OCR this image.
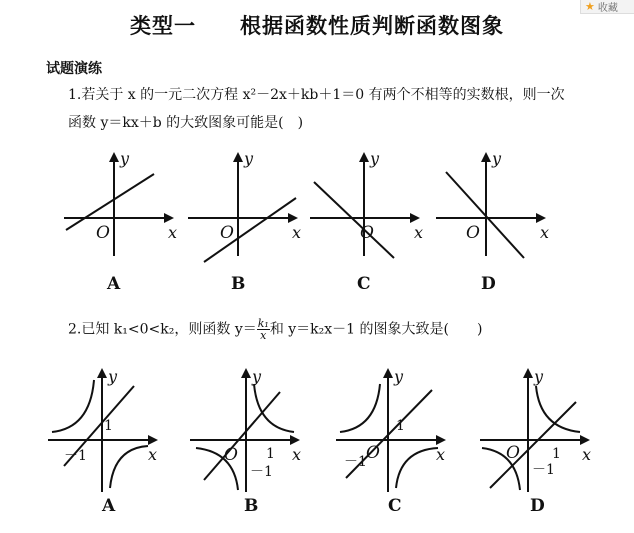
★ 收藏
类型一　　根据函数性质判断函数图象
试题演练
1.若关于 x 的一元二次方程 x²－2x＋kb＋1＝0 有两个不相等的实数根，则一次
函数 y＝kx＋b 的大致图象可能是(　)
O	x
y
A
O	x
y
B
O	x
y
C
O	x
y
D
2.已知 k₁<0<k₂，则函数 $y= \frac{\text{k₁}}{x}$ 和 y＝k₂x－1 的图象大致是(　　)
1
－1	x
y
A
O 1
－1
x
y
B
O
1
－1	x
y
C
O 1
－1
x
y
D
